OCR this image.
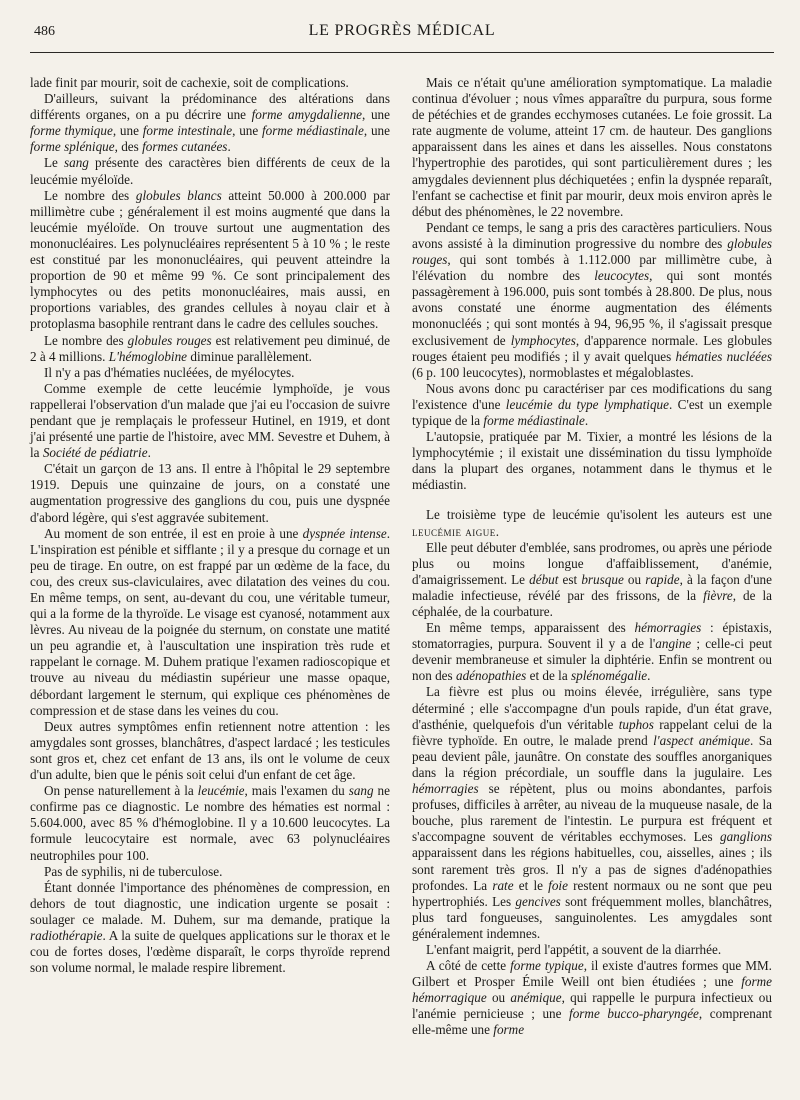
486	LE PROGRÈS MÉDICAL

lade finit par mourir, soit de cachexie, soit de complications.

D'ailleurs, suivant la prédominance des altérations dans différents organes, on a pu décrire une forme amygdalienne, une forme thymique, une forme intestinale, une forme médiastinale, une forme splénique, des formes cutanées.

Le sang présente des caractères bien différents de ceux de la leucémie myéloïde.

Le nombre des globules blancs atteint 50.000 à 200.000 par millimètre cube ; généralement il est moins augmenté que dans la leucémie myéloïde. On trouve surtout une augmentation des mononucléaires. Les polynucléaires représentent 5 à 10 % ; le reste est constitué par les mononucléaires, qui peuvent atteindre la proportion de 90 et même 99 %. Ce sont principalement des lymphocytes ou des petits mononucléaires, mais aussi, en proportions variables, des grandes cellules à noyau clair et à protoplasma basophile rentrant dans le cadre des cellules souches.

Le nombre des globules rouges est relativement peu diminué, de 2 à 4 millions. L'hémoglobine diminue parallèlement.

Il n'y a pas d'hématies nucléées, de myélocytes.

Comme exemple de cette leucémie lymphoïde, je vous rappellerai l'observation d'un malade que j'ai eu l'occasion de suivre pendant que je remplaçais le professeur Hutinel, en 1919, et dont j'ai présenté une partie de l'histoire, avec MM. Sevestre et Duhem, à la Société de pédiatrie.

C'était un garçon de 13 ans. Il entre à l'hôpital le 29 septembre 1919. Depuis une quinzaine de jours, on a constaté une augmentation progressive des ganglions du cou, puis une dyspnée d'abord légère, qui s'est aggravée subitement.

Au moment de son entrée, il est en proie à une dyspnée intense. L'inspiration est pénible et sifflante ; il y a presque du cornage et un peu de tirage. En outre, on est frappé par un œdème de la face, du cou, des creux sus-claviculaires, avec dilatation des veines du cou. En même temps, on sent, au-devant du cou, une véritable tumeur, qui a la forme de la thyroïde. Le visage est cyanosé, notamment aux lèvres. Au niveau de la poignée du sternum, on constate une matité un peu agrandie et, à l'auscultation une inspiration très rude et rappelant le cornage. M. Duhem pratique l'examen radioscopique et trouve au niveau du médiastin supérieur une masse opaque, débordant largement le sternum, qui explique ces phénomènes de compression et de stase dans les veines du cou.

Deux autres symptômes enfin retiennent notre attention : les amygdales sont grosses, blanchâtres, d'aspect lardacé ; les testicules sont gros et, chez cet enfant de 13 ans, ils ont le volume de ceux d'un adulte, bien que le pénis soit celui d'un enfant de cet âge.

On pense naturellement à la leucémie, mais l'examen du sang ne confirme pas ce diagnostic. Le nombre des hématies est normal : 5.604.000, avec 85 % d'hémoglobine. Il y a 10.600 leucocytes. La formule leucocytaire est normale, avec 63 polynucléaires neutrophiles pour 100.

Pas de syphilis, ni de tuberculose.

Étant donnée l'importance des phénomènes de compression, en dehors de tout diagnostic, une indication urgente se posait : soulager ce malade. M. Duhem, sur ma demande, pratique la radiothérapie. A la suite de quelques applications sur le thorax et le cou de fortes doses, l'œdème disparaît, le corps thyroïde reprend son volume normal, le malade respire librement.

Mais ce n'était qu'une amélioration symptomatique. La maladie continua d'évoluer ; nous vîmes apparaître du purpura, sous forme de pétéchies et de grandes ecchymoses cutanées. Le foie grossit. La rate augmente de volume, atteint 17 cm. de hauteur. Des ganglions apparaissent dans les aines et dans les aisselles. Nous constatons l'hypertrophie des parotides, qui sont particulièrement dures ; les amygdales deviennent plus déchiquetées ; enfin la dyspnée reparaît, l'enfant se cachectise et finit par mourir, deux mois environ après le début des phénomènes, le 22 novembre.

Pendant ce temps, le sang a pris des caractères particuliers. Nous avons assisté à la diminution progressive du nombre des globules rouges, qui sont tombés à 1.112.000 par millimètre cube, à l'élévation du nombre des leucocytes, qui sont montés passagèrement à 196.000, puis sont tombés à 28.800. De plus, nous avons constaté une énorme augmentation des éléments mononucléés ; qui sont montés à 94, 96,95 %, il s'agissait presque exclusivement de lymphocytes, d'apparence normale. Les globules rouges étaient peu modifiés ; il y avait quelques hématies nucléées (6 p. 100 leucocytes), normoblastes et mégaloblastes.

Nous avons donc pu caractériser par ces modifications du sang l'existence d'une leucémie du type lymphatique. C'est un exemple typique de la forme médiastinale.

L'autopsie, pratiquée par M. Tixier, a montré les lésions de la lymphocytémie ; il existait une dissémination du tissu lymphoïde dans la plupart des organes, notamment dans le thymus et le médiastin.

Le troisième type de leucémie qu'isolent les auteurs est une leucémie aigue.

Elle peut débuter d'emblée, sans prodromes, ou après une période plus ou moins longue d'affaiblissement, d'anémie, d'amaigrissement. Le début est brusque ou rapide, à la façon d'une maladie infectieuse, révélé par des frissons, de la fièvre, de la céphalée, de la courbature.

En même temps, apparaissent des hémorragies : épistaxis, stomatorragies, purpura. Souvent il y a de l'angine ; celle-ci peut devenir membraneuse et simuler la diphtérie. Enfin se montrent ou non des adénopathies et de la splénomégalie.

La fièvre est plus ou moins élevée, irrégulière, sans type déterminé ; elle s'accompagne d'un pouls rapide, d'un état grave, d'asthénie, quelquefois d'un véritable tuphos rappelant celui de la fièvre typhoïde. En outre, le malade prend l'aspect anémique. Sa peau devient pâle, jaunâtre. On constate des souffles anorganiques dans la région précordiale, un souffle dans la jugulaire. Les hémorragies se répètent, plus ou moins abondantes, parfois profuses, difficiles à arrêter, au niveau de la muqueuse nasale, de la bouche, plus rarement de l'intestin. Le purpura est fréquent et s'accompagne souvent de véritables ecchymoses. Les ganglions apparaissent dans les régions habituelles, cou, aisselles, aines ; ils sont rarement très gros. Il n'y a pas de signes d'adénopathies profondes. La rate et le foie restent normaux ou ne sont que peu hypertrophiés. Les gencives sont fréquemment molles, blanchâtres, plus tard fongueuses, sanguinolentes. Les amygdales sont généralement indemnes.

L'enfant maigrit, perd l'appétit, a souvent de la diarrhée.

A côté de cette forme typique, il existe d'autres formes que MM. Gilbert et Prosper Émile Weill ont bien étudiées ; une forme hémorragique ou anémique, qui rappelle le purpura infectieux ou l'anémie pernicieuse ; une forme bucco-pharyngée, comprenant elle-même une forme
